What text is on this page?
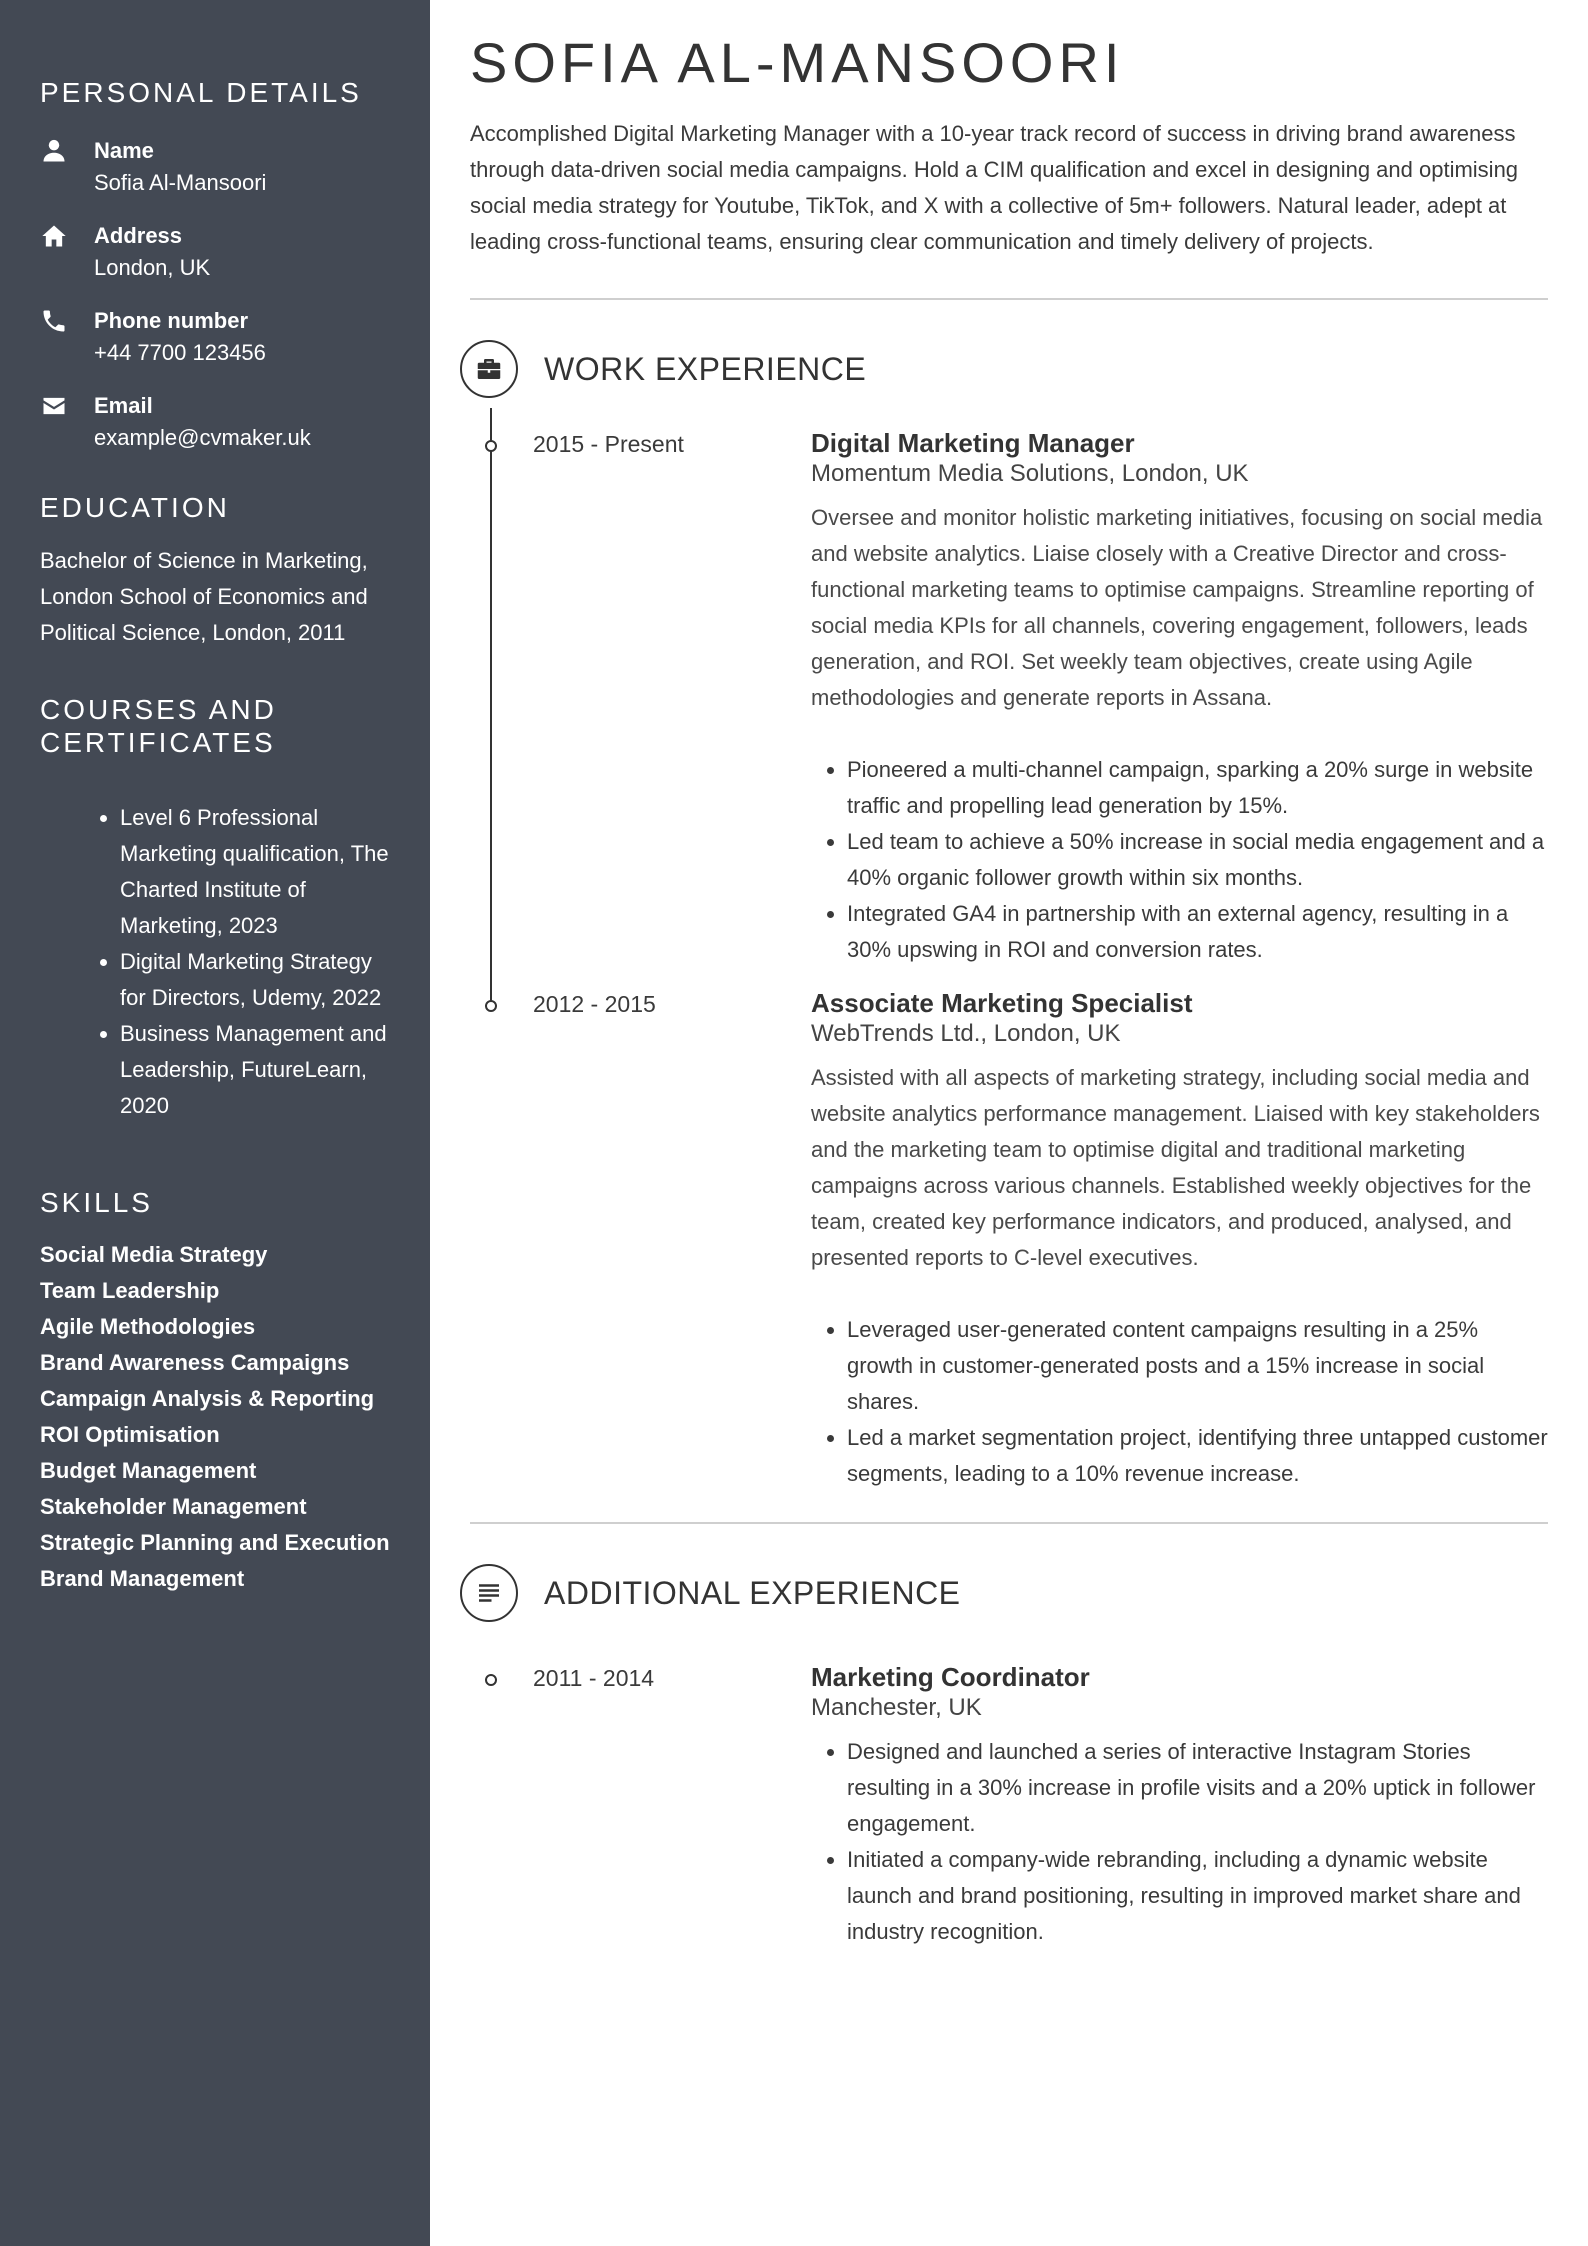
PERSONAL DETAILS
Name
Sofia Al-Mansoori
Address
London, UK
Phone number
+44 7700 123456
Email
example@cvmaker.uk
EDUCATION
Bachelor of Science in Marketing, London School of Economics and Political Science, London, 2011
COURSES AND CERTIFICATES
• Level 6 Professional Marketing qualification, The Charted Institute of Marketing, 2023
• Digital Marketing Strategy for Directors, Udemy, 2022
• Business Management and Leadership, FutureLearn, 2020
SKILLS
Social Media Strategy
Team Leadership
Agile Methodologies
Brand Awareness Campaigns
Campaign Analysis & Reporting
ROI Optimisation
Budget Management
Stakeholder Management
Strategic Planning and Execution
Brand Management
SOFIA AL-MANSOORI

Accomplished Digital Marketing Manager with a 10-year track record of success in driving brand awareness through data-driven social media campaigns. Hold a CIM qualification and excel in designing and optimising social media strategy for Youtube, TikTok, and X with a collective of 5m+ followers. Natural leader, adept at leading cross-functional teams, ensuring clear communication and timely delivery of projects.

WORK EXPERIENCE
2015 - Present	Digital Marketing Manager
Momentum Media Solutions, London, UK
Oversee and monitor holistic marketing initiatives, focusing on social media and website analytics. Liaise closely with a Creative Director and cross-functional marketing teams to optimise campaigns. Streamline reporting of social media KPIs for all channels, covering engagement, followers, leads generation, and ROI. Set weekly team objectives, create using Agile methodologies and generate reports in Assana.
• Pioneered a multi-channel campaign, sparking a 20% surge in website traffic and propelling lead generation by 15%.
• Led team to achieve a 50% increase in social media engagement and a 40% organic follower growth within six months.
• Integrated GA4 in partnership with an external agency, resulting in a 30% upswing in ROI and conversion rates.
2012 - 2015	Associate Marketing Specialist
WebTrends Ltd., London, UK
Assisted with all aspects of marketing strategy, including social media and website analytics performance management. Liaised with key stakeholders and the marketing team to optimise digital and traditional marketing campaigns across various channels. Established weekly objectives for the team, created key performance indicators, and produced, analysed, and presented reports to C-level executives.
• Leveraged user-generated content campaigns resulting in a 25% growth in customer-generated posts and a 15% increase in social shares.
• Led a market segmentation project, identifying three untapped customer segments, leading to a 10% revenue increase.
ADDITIONAL EXPERIENCE
2011 - 2014	Marketing Coordinator
Manchester, UK
• Designed and launched a series of interactive Instagram Stories resulting in a 30% increase in profile visits and a 20% uptick in follower engagement.
• Initiated a company-wide rebranding, including a dynamic website launch and brand positioning, resulting in improved market share and industry recognition.
